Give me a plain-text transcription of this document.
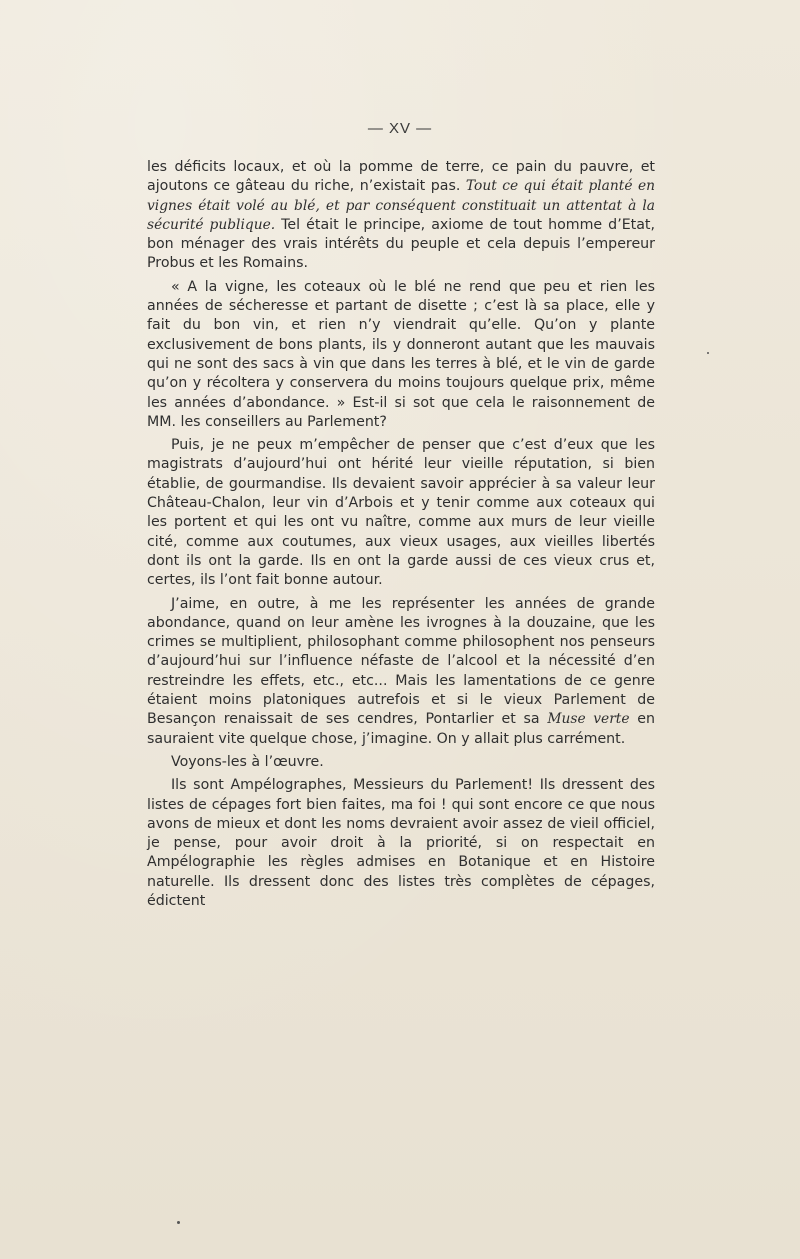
— XV —

les déficits locaux, et où la pomme de terre, ce pain du pauvre, et ajoutons ce gâteau du riche, n’existait pas. Tout ce qui était planté en vignes était volé au blé, et par conséquent constituait un attentat à la sécurité publique. Tel était le principe, axiome de tout homme d’Etat, bon ménager des vrais intérêts du peuple et cela depuis l’empereur Probus et les Romains.

« A la vigne, les coteaux où le blé ne rend que peu et rien les années de sécheresse et partant de disette ; c’est là sa place, elle y fait du bon vin, et rien n’y viendrait qu’elle. Qu’on y plante exclusivement de bons plants, ils y donneront autant que les mauvais qui ne sont des sacs à vin que dans les terres à blé, et le vin de garde qu’on y récoltera y conservera du moins toujours quelque prix, même les années d’abondance. » Est-il si sot que cela le raisonnement de MM. les conseillers au Parlement?

Puis, je ne peux m’empêcher de penser que c’est d’eux que les magistrats d’aujourd’hui ont hérité leur vieille réputation, si bien établie, de gourmandise. Ils devaient savoir apprécier à sa valeur leur Château-Chalon, leur vin d’Arbois et y tenir comme aux coteaux qui les portent et qui les ont vu naître, comme aux murs de leur vieille cité, comme aux coutumes, aux vieux usages, aux vieilles libertés dont ils ont la garde. Ils en ont la garde aussi de ces vieux crus et, certes, ils l’ont fait bonne autour.

J’aime, en outre, à me les représenter les années de grande abondance, quand on leur amène les ivrognes à la douzaine, que les crimes se multiplient, philosophant comme philosophent nos penseurs d’aujourd’hui sur l’influence néfaste de l’alcool et la nécessité d’en restreindre les effets, etc., etc... Mais les lamentations de ce genre étaient moins platoniques autrefois et si le vieux Parlement de Besançon renaissait de ses cendres, Pontarlier et sa Muse verte en sauraient vite quelque chose, j’imagine. On y allait plus carrément.

Voyons-les à l’œuvre.

Ils sont Ampélographes, Messieurs du Parlement! Ils dressent des listes de cépages fort bien faites, ma foi ! qui sont encore ce que nous avons de mieux et dont les noms devraient avoir assez de vieil officiel, je pense, pour avoir droit à la priorité, si on respectait en Ampélographie les règles admises en Botanique et en Histoire naturelle. Ils dressent donc des listes très complètes de cépages, édictent
